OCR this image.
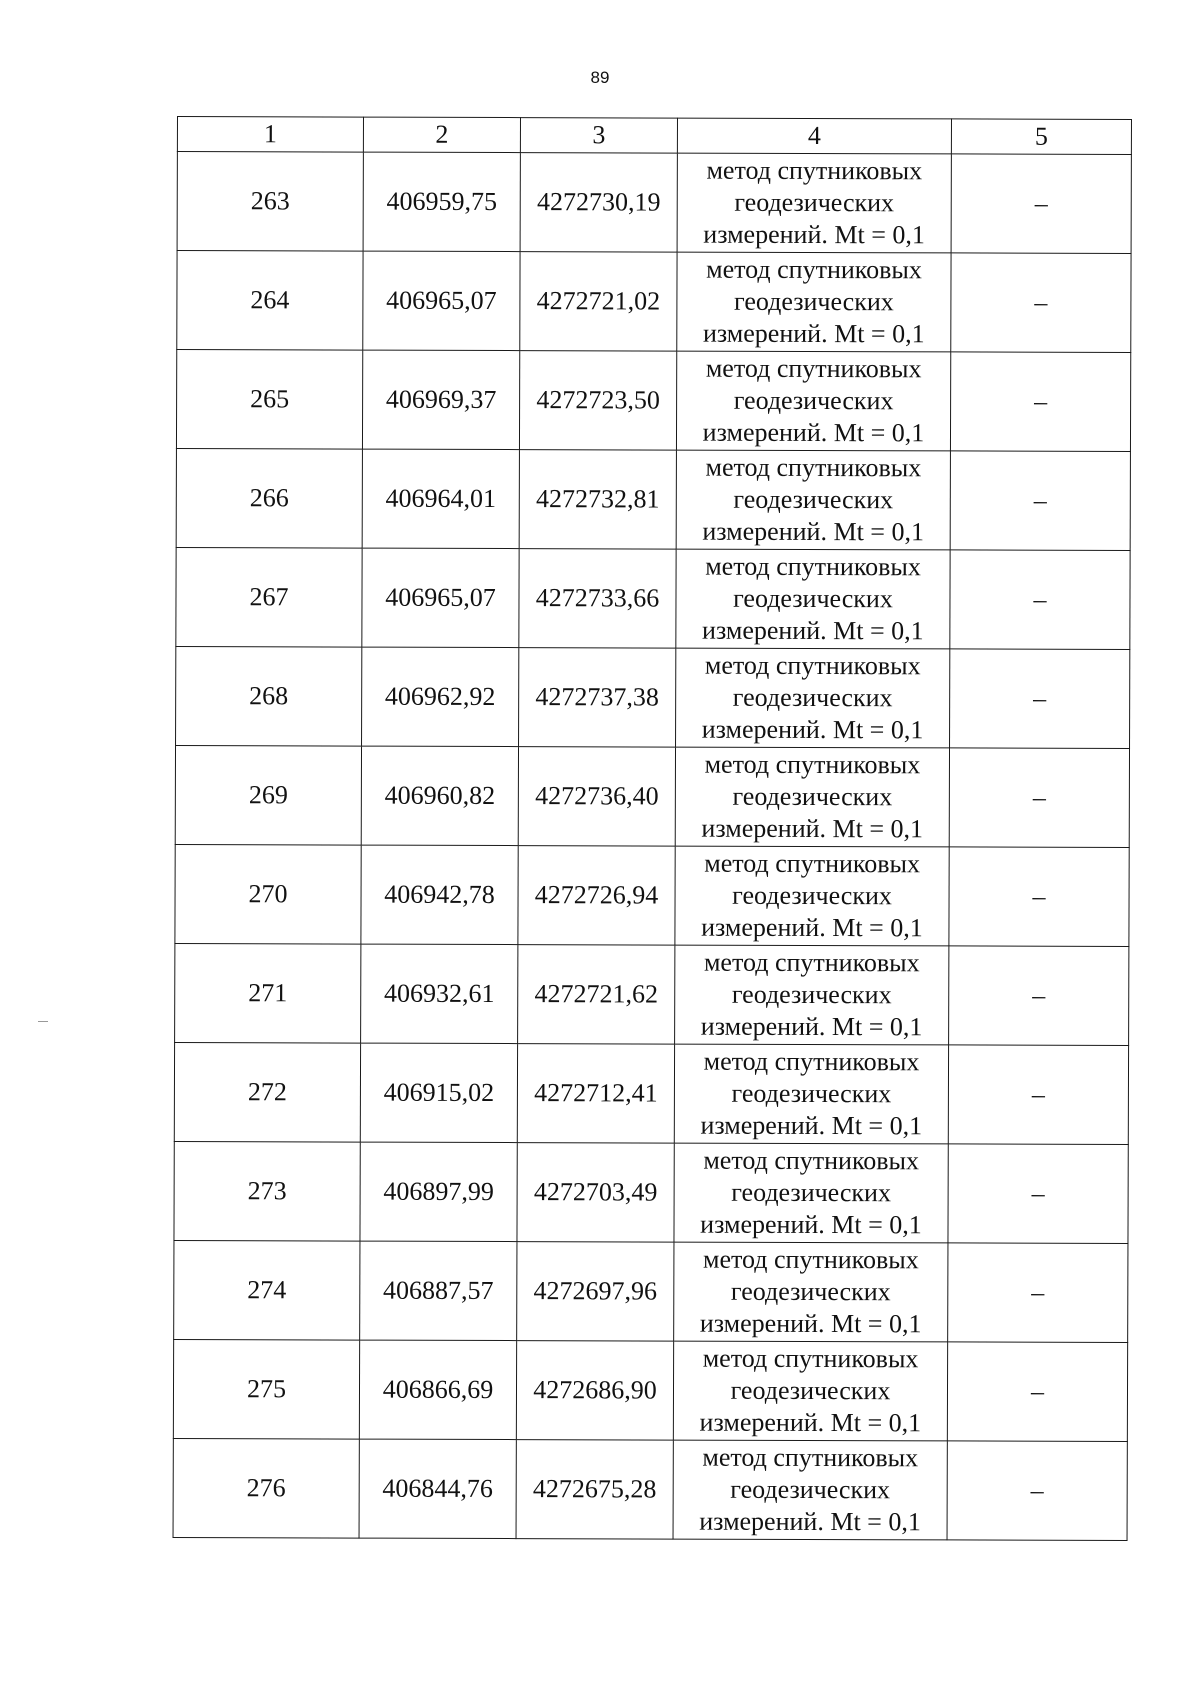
89
1	2	3	4	5
263	406959,75	4272730,19	метод спутниковых
геодезических
измерений. Mt = 0,1	–
264	406965,07	4272721,02	метод спутниковых
геодезических
измерений. Mt = 0,1	–
265	406969,37	4272723,50	метод спутниковых
геодезических
измерений. Mt = 0,1	–
266	406964,01	4272732,81	метод спутниковых
геодезических
измерений. Mt = 0,1	–
267	406965,07	4272733,66	метод спутниковых
геодезических
измерений. Mt = 0,1	–
268	406962,92	4272737,38	метод спутниковых
геодезических
измерений. Mt = 0,1	–
269	406960,82	4272736,40	метод спутниковых
геодезических
измерений. Mt = 0,1	–
270	406942,78	4272726,94	метод спутниковых
геодезических
измерений. Mt = 0,1	–
271	406932,61	4272721,62	метод спутниковых
геодезических
измерений. Mt = 0,1	–
272	406915,02	4272712,41	метод спутниковых
геодезических
измерений. Mt = 0,1	–
273	406897,99	4272703,49	метод спутниковых
геодезических
измерений. Mt = 0,1	–
274	406887,57	4272697,96	метод спутниковых
геодезических
измерений. Mt = 0,1	–
275	406866,69	4272686,90	метод спутниковых
геодезических
измерений. Mt = 0,1	–
276	406844,76	4272675,28	метод спутниковых
геодезических
измерений. Mt = 0,1	–
